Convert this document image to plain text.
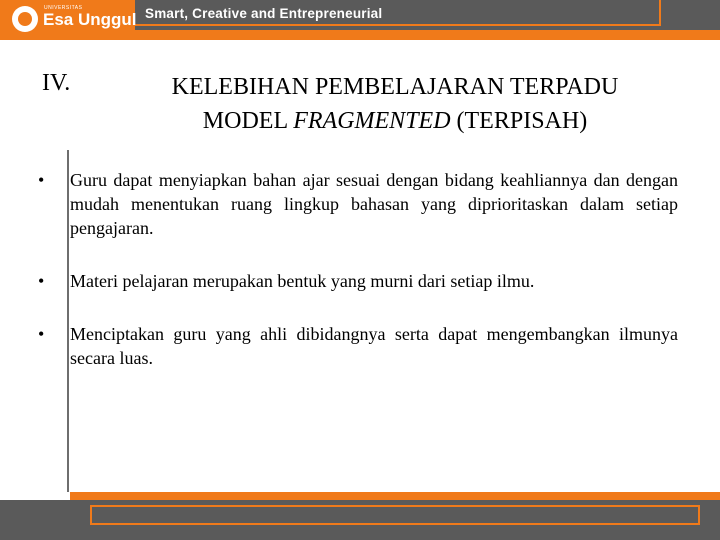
Smart, Creative and Entrepreneurial
UNIVERSITAS
Esa Unggul
IV.	KELEBIHAN PEMBELAJARAN TERPADU
MODEL FRAGMENTED (TERPISAH)
• Guru dapat menyiapkan bahan ajar sesuai dengan bidang keahliannya dan dengan mudah menentukan ruang lingkup bahasan yang diprioritaskan dalam setiap pengajaran.
• Materi pelajaran merupakan bentuk yang murni dari setiap ilmu.
• Menciptakan guru yang ahli dibidangnya serta dapat mengembangkan ilmunya secara luas.
